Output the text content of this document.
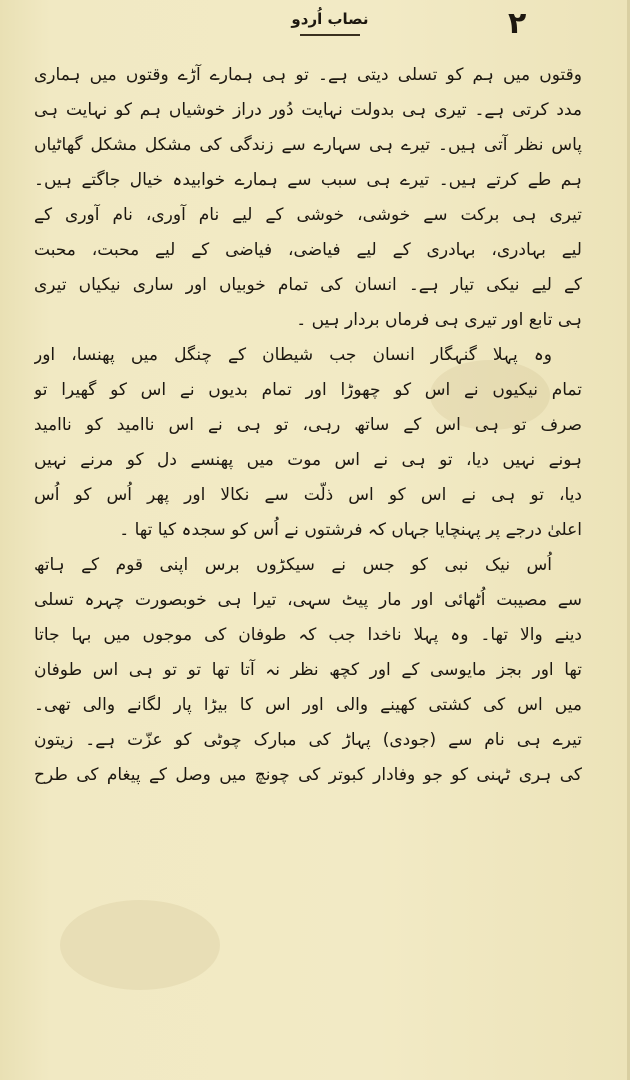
۲
نصاب اُردو
وقتوں میں ہم کو تسلی دیتی ہے۔ تو ہی ہمارے آڑے وقتوں میں ہماری
مدد کرتی ہے۔ تیری ہی بدولت نہایت دُور دراز خوشیاں ہم کو نہایت ہی
پاس نظر آتی ہیں۔ تیرے ہی سہارے سے زندگی کی مشکل مشکل گھاٹیاں
ہم طے کرتے ہیں۔ تیرے ہی سبب سے ہمارے خوابیدہ خیال جاگتے ہیں۔
تیری ہی برکت سے خوشی، خوشی کے لیے نام آوری، نام آوری کے
لیے بہادری، بہادری کے لیے فیاضی، فیاضی کے لیے محبت، محبت
کے لیے نیکی تیار ہے۔ انسان کی تمام خوبیاں اور ساری نیکیاں تیری
ہی تابع اور تیری ہی فرماں بردار ہیں ۔
وہ پہلا گنہگار انسان جب شیطان کے چنگل میں پھنسا، اور
تمام نیکیوں نے اس کو چھوڑا اور تمام بدیوں نے اس کو گھیرا تو
صرف تو ہی اس کے ساتھ رہی، تو ہی نے اس ناامید کو ناامید
ہونے نہیں دیا، تو ہی نے اس موت میں پھنسے دل کو مرنے نہیں
دیا، تو ہی نے اس کو اس ذلّت سے نکالا اور پھر اُس کو اُس
اعلیٰ درجے پر پہنچایا جہاں کہ فرشتوں نے اُس کو سجدہ کیا تھا ۔
اُس نیک نبی کو جس نے سیکڑوں برس اپنی قوم کے ہاتھ
سے مصیبت اُٹھائی اور مار پیٹ سہی، تیرا ہی خوبصورت چہرہ تسلی
دینے والا تھا۔ وہ پہلا ناخدا جب کہ طوفان کی موجوں میں بہا جاتا
تھا اور بجز مایوسی کے اور کچھ نظر نہ آتا تھا تو تو ہی اس طوفان
میں اس کی کشتی کھینے والی اور اس کا بیڑا پار لگانے والی تھی۔
تیرے ہی نام سے (جودی) پہاڑ کی مبارک چوٹی کو عزّت ہے۔ زیتون
کی ہری ٹہنی کو جو وفادار کبوتر کی چونچ میں وصل کے پیغام کی طرح
